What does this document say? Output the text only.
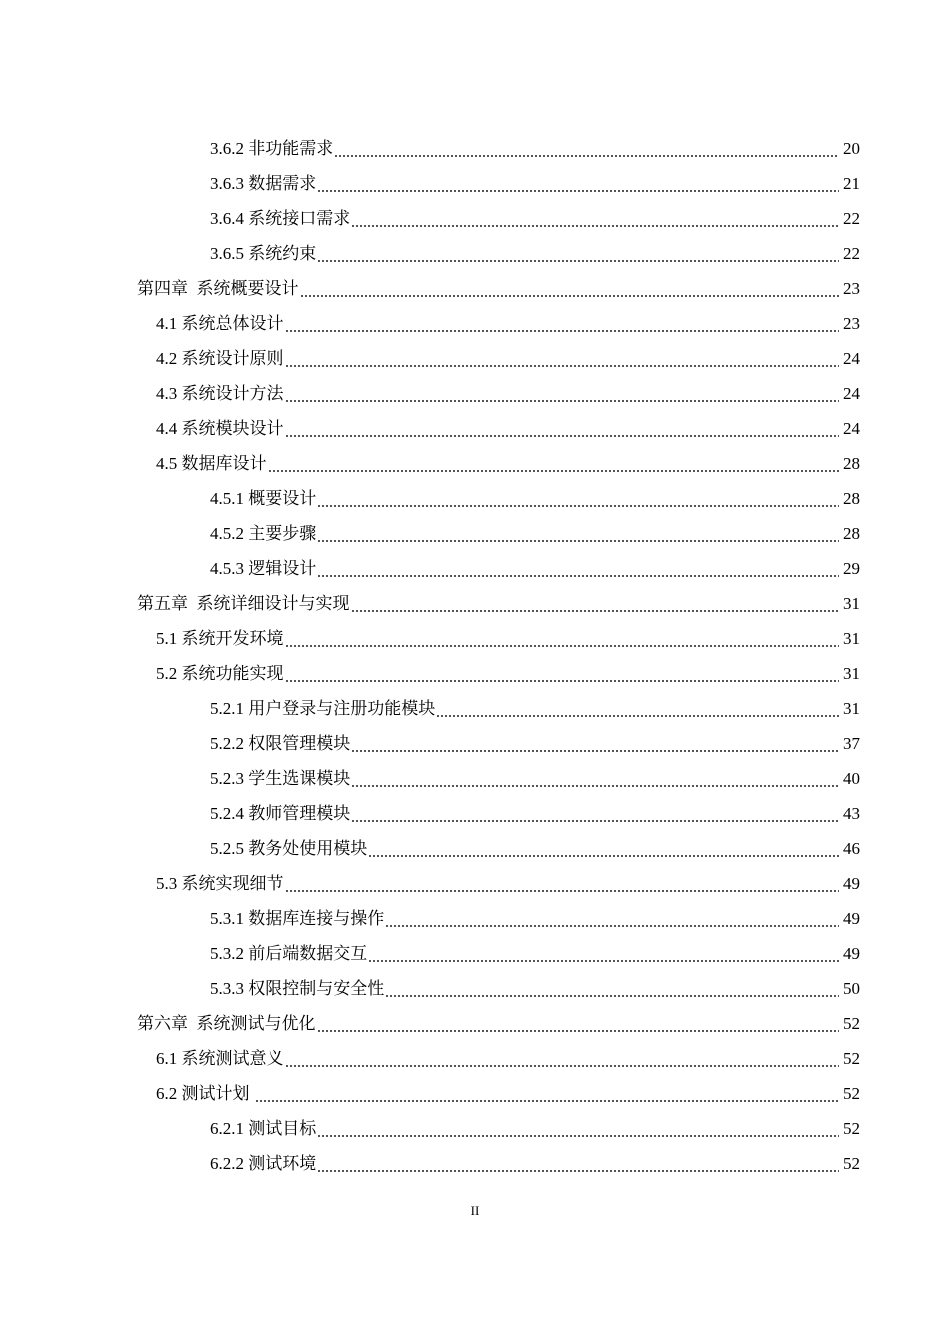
3.6.2 非功能需求	20
3.6.3 数据需求	21
3.6.4 系统接口需求	22
3.6.5 系统约束	22
第四章  系统概要设计	23
4.1 系统总体设计	23
4.2 系统设计原则	24
4.3 系统设计方法	24
4.4 系统模块设计	24
4.5 数据库设计	28
4.5.1 概要设计	28
4.5.2 主要步骤	28
4.5.3 逻辑设计	29
第五章  系统详细设计与实现	31
5.1 系统开发环境	31
5.2 系统功能实现	31
5.2.1 用户登录与注册功能模块	31
5.2.2 权限管理模块	37
5.2.3 学生选课模块	40
5.2.4 教师管理模块	43
5.2.5 教务处使用模块	46
5.3 系统实现细节	49
5.3.1 数据库连接与操作	49
5.3.2 前后端数据交互	49
5.3.3 权限控制与安全性	50
第六章  系统测试与优化	52
6.1 系统测试意义	52
6.2 测试计划	52
6.2.1 测试目标	52
6.2.2 测试环境	52
II
